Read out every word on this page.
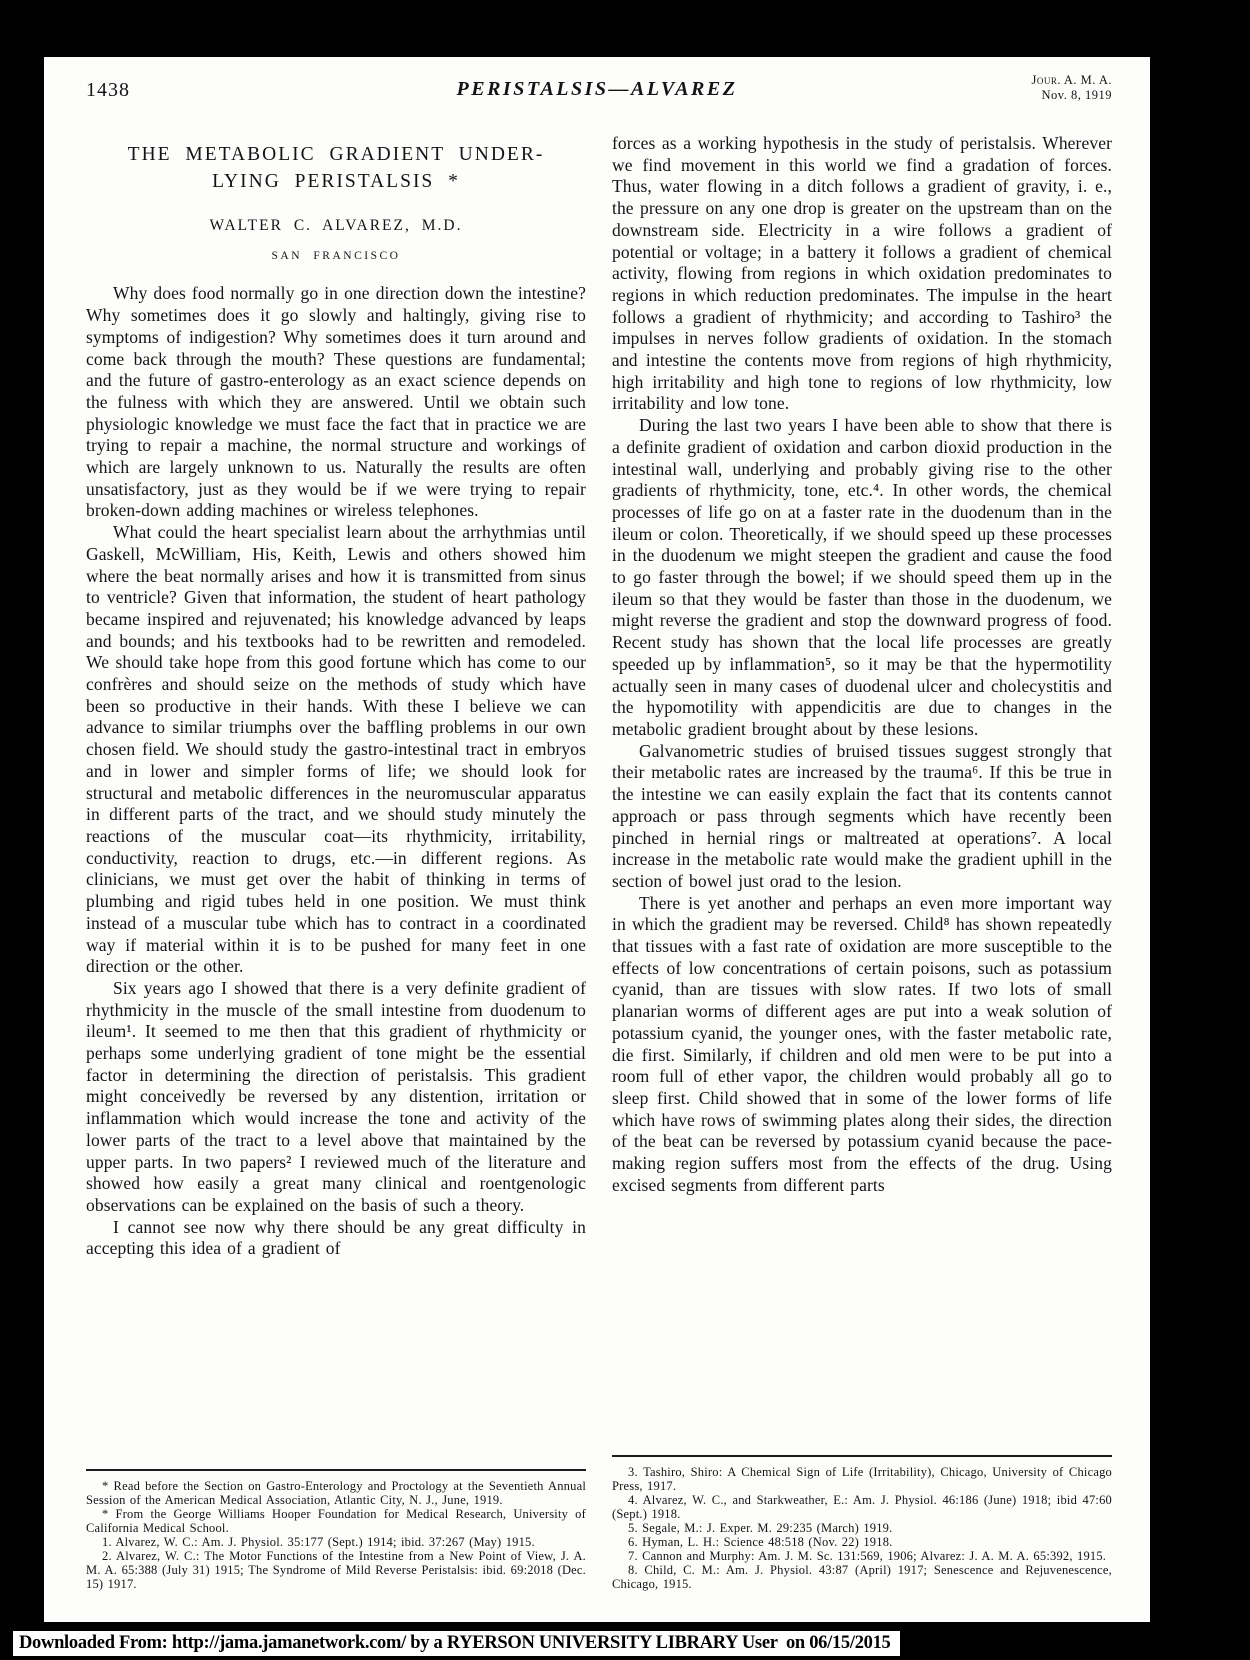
1438	PERISTALSIS—ALVAREZ	Jour. A. M. A.
Nov. 8, 1919
THE METABOLIC GRADIENT UNDER-
LYING PERISTALSIS *
WALTER C. ALVAREZ, M.D.
SAN FRANCISCO

Why does food normally go in one direction down the intestine? Why sometimes does it go slowly and haltingly, giving rise to symptoms of indigestion? Why sometimes does it turn around and come back through the mouth? These questions are fundamental; and the future of gastro-enterology as an exact science depends on the fulness with which they are answered. Until we obtain such physiologic knowledge we must face the fact that in practice we are trying to repair a machine, the normal structure and workings of which are largely unknown to us. Naturally the results are often unsatisfactory, just as they would be if we were trying to repair broken-down adding machines or wireless telephones.

What could the heart specialist learn about the arrhythmias until Gaskell, McWilliam, His, Keith, Lewis and others showed him where the beat normally arises and how it is transmitted from sinus to ventricle? Given that information, the student of heart pathology became inspired and rejuvenated; his knowledge advanced by leaps and bounds; and his textbooks had to be rewritten and remodeled. We should take hope from this good fortune which has come to our confrères and should seize on the methods of study which have been so productive in their hands. With these I believe we can advance to similar triumphs over the baffling problems in our own chosen field. We should study the gastro-intestinal tract in embryos and in lower and simpler forms of life; we should look for structural and metabolic differences in the neuromuscular apparatus in different parts of the tract, and we should study minutely the reactions of the muscular coat—its rhythmicity, irritability, conductivity, reaction to drugs, etc.—in different regions. As clinicians, we must get over the habit of thinking in terms of plumbing and rigid tubes held in one position. We must think instead of a muscular tube which has to contract in a coordinated way if material within it is to be pushed for many feet in one direction or the other.

Six years ago I showed that there is a very definite gradient of rhythmicity in the muscle of the small intestine from duodenum to ileum¹. It seemed to me then that this gradient of rhythmicity or perhaps some underlying gradient of tone might be the essential factor in determining the direction of peristalsis. This gradient might conceivedly be reversed by any distention, irritation or inflammation which would increase the tone and activity of the lower parts of the tract to a level above that maintained by the upper parts. In two papers² I reviewed much of the literature and showed how easily a great many clinical and roentgenologic observations can be explained on the basis of such a theory.

I cannot see now why there should be any great difficulty in accepting this idea of a gradient of

* Read before the Section on Gastro-Enterology and Proctology at the Seventieth Annual Session of the American Medical Association, Atlantic City, N. J., June, 1919.

* From the George Williams Hooper Foundation for Medical Research, University of California Medical School.

1. Alvarez, W. C.: Am. J. Physiol. 35:177 (Sept.) 1914; ibid. 37:267 (May) 1915.

2. Alvarez, W. C.: The Motor Functions of the Intestine from a New Point of View, J. A. M. A. 65:388 (July 31) 1915; The Syndrome of Mild Reverse Peristalsis: ibid. 69:2018 (Dec. 15) 1917.

forces as a working hypothesis in the study of peristalsis. Wherever we find movement in this world we find a gradation of forces. Thus, water flowing in a ditch follows a gradient of gravity, i. e., the pressure on any one drop is greater on the upstream than on the downstream side. Electricity in a wire follows a gradient of potential or voltage; in a battery it follows a gradient of chemical activity, flowing from regions in which oxidation predominates to regions in which reduction predominates. The impulse in the heart follows a gradient of rhythmicity; and according to Tashiro³ the impulses in nerves follow gradients of oxidation. In the stomach and intestine the contents move from regions of high rhythmicity, high irritability and high tone to regions of low rhythmicity, low irritability and low tone.

During the last two years I have been able to show that there is a definite gradient of oxidation and carbon dioxid production in the intestinal wall, underlying and probably giving rise to the other gradients of rhythmicity, tone, etc.⁴. In other words, the chemical processes of life go on at a faster rate in the duodenum than in the ileum or colon. Theoretically, if we should speed up these processes in the duodenum we might steepen the gradient and cause the food to go faster through the bowel; if we should speed them up in the ileum so that they would be faster than those in the duodenum, we might reverse the gradient and stop the downward progress of food. Recent study has shown that the local life processes are greatly speeded up by inflammation⁵, so it may be that the hypermotility actually seen in many cases of duodenal ulcer and cholecystitis and the hypomotility with appendicitis are due to changes in the metabolic gradient brought about by these lesions.

Galvanometric studies of bruised tissues suggest strongly that their metabolic rates are increased by the trauma⁶. If this be true in the intestine we can easily explain the fact that its contents cannot approach or pass through segments which have recently been pinched in hernial rings or maltreated at operations⁷. A local increase in the metabolic rate would make the gradient uphill in the section of bowel just orad to the lesion.

There is yet another and perhaps an even more important way in which the gradient may be reversed. Child⁸ has shown repeatedly that tissues with a fast rate of oxidation are more susceptible to the effects of low concentrations of certain poisons, such as potassium cyanid, than are tissues with slow rates. If two lots of small planarian worms of different ages are put into a weak solution of potassium cyanid, the younger ones, with the faster metabolic rate, die first. Similarly, if children and old men were to be put into a room full of ether vapor, the children would probably all go to sleep first. Child showed that in some of the lower forms of life which have rows of swimming plates along their sides, the direction of the beat can be reversed by potassium cyanid because the pace-making region suffers most from the effects of the drug. Using excised segments from different parts

3. Tashiro, Shiro: A Chemical Sign of Life (Irritability), Chicago, University of Chicago Press, 1917.

4. Alvarez, W. C., and Starkweather, E.: Am. J. Physiol. 46:186 (June) 1918; ibid 47:60 (Sept.) 1918.

5. Segale, M.: J. Exper. M. 29:235 (March) 1919.

6. Hyman, L. H.: Science 48:518 (Nov. 22) 1918.

7. Cannon and Murphy: Am. J. M. Sc. 131:569, 1906; Alvarez: J. A. M. A. 65:392, 1915.

8. Child, C. M.: Am. J. Physiol. 43:87 (April) 1917; Senescence and Rejuvenescence, Chicago, 1915.

Downloaded From: http://jama.jamanetwork.com/ by a RYERSON UNIVERSITY LIBRARY User  on 06/15/2015
